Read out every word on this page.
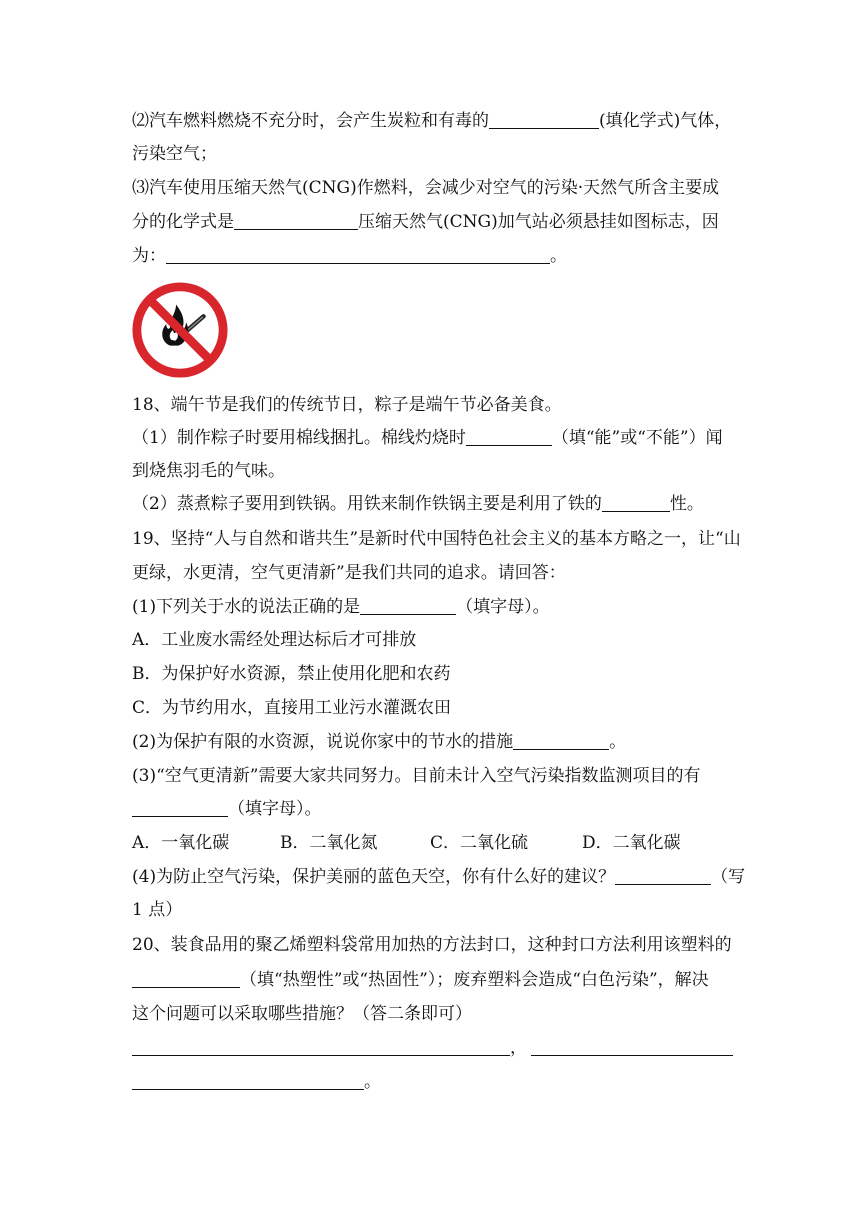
⑵汽车燃料燃烧不充分时，会产生炭粒和有毒的	(填化学式)气体，
污染空气；
⑶汽车使用压缩天然气(CNG)作燃料，会减少对空气的污染·天然气所含主要成
分的化学式是	压缩天然气(CNG)加气站必须悬挂如图标志，因
为：	。
18、端午节是我们的传统节日，粽子是端午节必备美食。
（1）制作粽子时要用棉线捆扎。棉线灼烧时	（填“能”或“不能”）闻
到烧焦羽毛的气味。
（2）蒸煮粽子要用到铁锅。用铁来制作铁锅主要是利用了铁的	性。
19、坚持“人与自然和谐共生”是新时代中国特色社会主义的基本方略之一，让“山
更绿，水更清，空气更清新”是我们共同的追求。请回答：
(1)下列关于水的说法正确的是	（填字母）。
A．工业废水需经处理达标后才可排放
B．为保护好水资源，禁止使用化肥和农药
C．为节约用水，直接用工业污水灌溉农田
(2)为保护有限的水资源，说说你家中的节水的措施	。
(3)“空气更清新”需要大家共同努力。目前未计入空气污染指数监测项目的有
（填字母）。
A．一氧化碳	B．二氧化氮	C．二氧化硫	D．二氧化碳
(4)为防止空气污染，保护美丽的蓝色天空，你有什么好的建议？	（写
1 点）
20、装食品用的聚乙烯塑料袋常用加热的方法封口，这种封口方法利用该塑料的
（填“热塑性”或“热固性”）；废弃塑料会造成“白色污染”，解决
这个问题可以采取哪些措施？（答二条即可）
，
。
